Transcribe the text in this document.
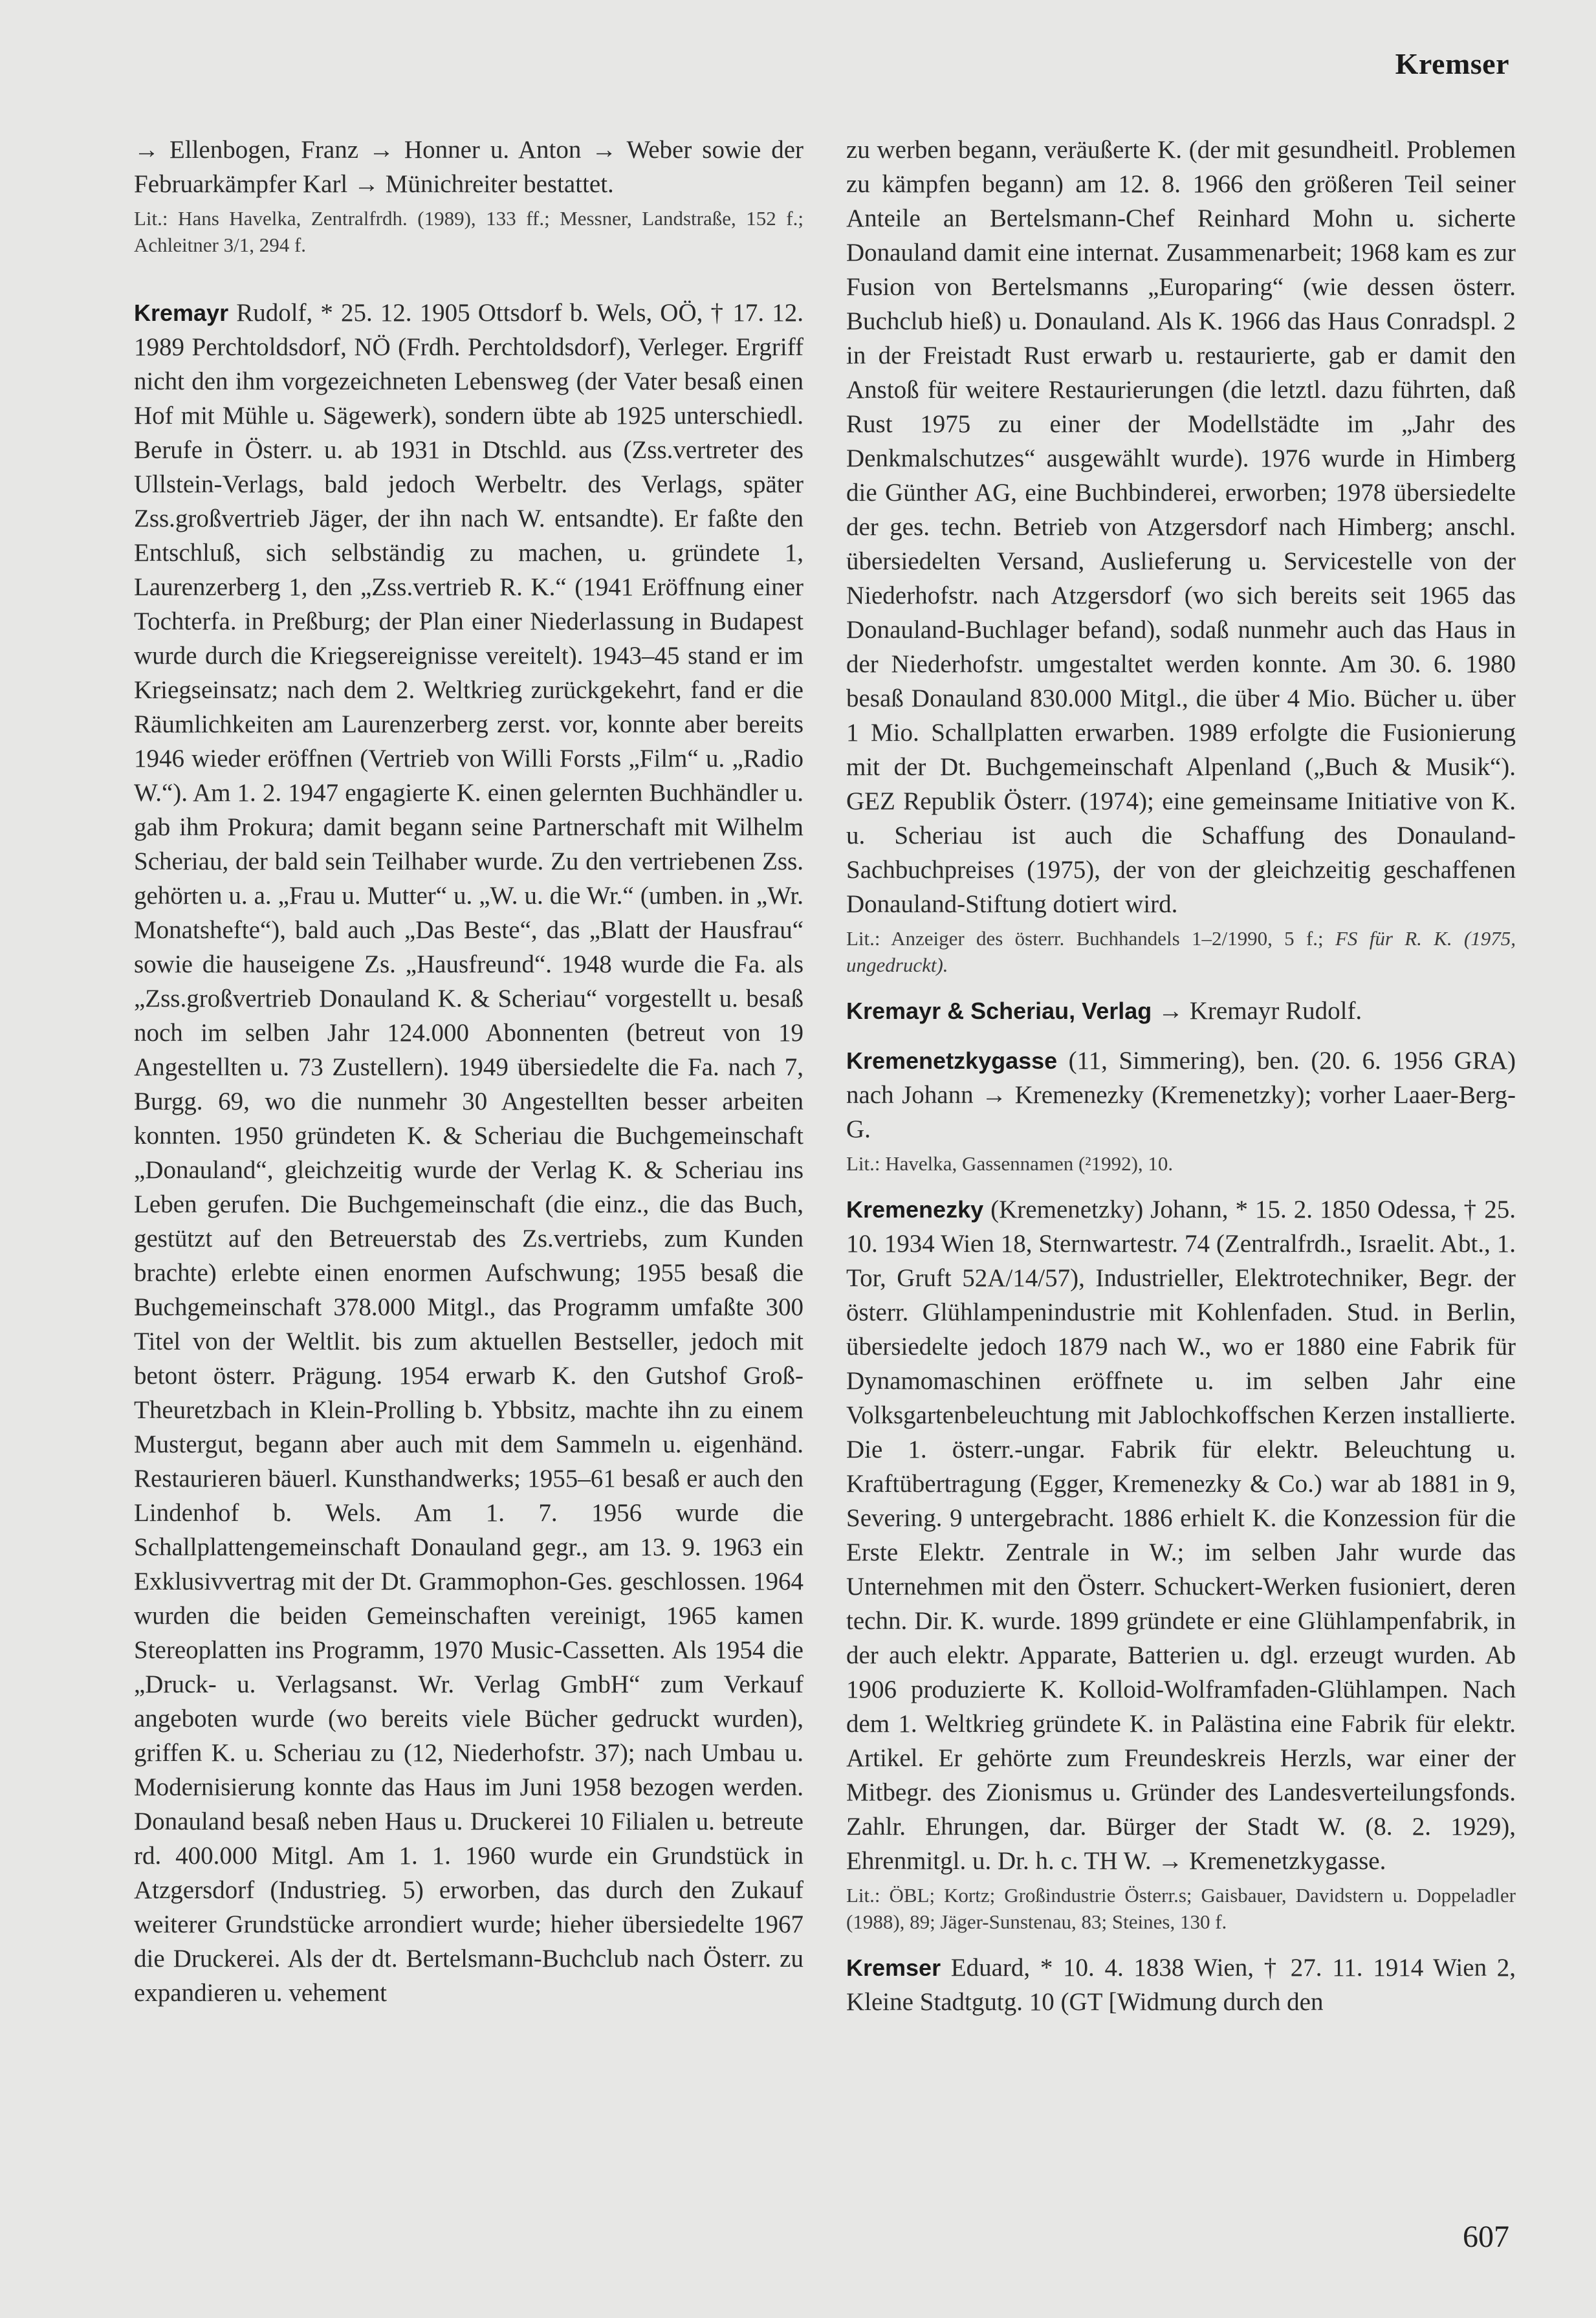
Kremser

→ Ellenbogen, Franz → Honner u. Anton → Weber sowie der Februarkämpfer Karl → Münichreiter bestattet.

Lit.: Hans Havelka, Zentralfrdh. (1989), 133 ff.; Messner, Landstraße, 152 f.; Achleitner 3/1, 294 f.

Kremayr Rudolf, * 25. 12. 1905 Ottsdorf b. Wels, OÖ, † 17. 12. 1989 Perchtoldsdorf, NÖ (Frdh. Perchtoldsdorf), Verleger. Ergriff nicht den ihm vorgezeichneten Lebensweg (der Vater besaß einen Hof mit Mühle u. Sägewerk), sondern übte ab 1925 unterschiedl. Berufe in Österr. u. ab 1931 in Dtschld. aus (Zss.vertreter des Ullstein-Verlags, bald jedoch Werbeltr. des Verlags, später Zss.großvertrieb Jäger, der ihn nach W. entsandte). Er faßte den Entschluß, sich selbständig zu machen, u. gründete 1, Laurenzerberg 1, den „Zss.vertrieb R. K.“ (1941 Eröffnung einer Tochterfa. in Preßburg; der Plan einer Niederlassung in Budapest wurde durch die Kriegsereignisse vereitelt). 1943–45 stand er im Kriegseinsatz; nach dem 2. Weltkrieg zurückgekehrt, fand er die Räumlichkeiten am Laurenzerberg zerst. vor, konnte aber bereits 1946 wieder eröffnen (Vertrieb von Willi Forsts „Film“ u. „Radio W.“). Am 1. 2. 1947 engagierte K. einen gelernten Buchhändler u. gab ihm Prokura; damit begann seine Partnerschaft mit Wilhelm Scheriau, der bald sein Teilhaber wurde. Zu den vertriebenen Zss. gehörten u. a. „Frau u. Mutter“ u. „W. u. die Wr.“ (umben. in „Wr. Monatshefte“), bald auch „Das Beste“, das „Blatt der Hausfrau“ sowie die hauseigene Zs. „Hausfreund“. 1948 wurde die Fa. als „Zss.großvertrieb Donauland K. & Scheriau“ vorgestellt u. besaß noch im selben Jahr 124.000 Abonnenten (betreut von 19 Angestellten u. 73 Zustellern). 1949 übersiedelte die Fa. nach 7, Burgg. 69, wo die nunmehr 30 Angestellten besser arbeiten konnten. 1950 gründeten K. & Scheriau die Buchgemeinschaft „Donauland“, gleichzeitig wurde der Verlag K. & Scheriau ins Leben gerufen. Die Buchgemeinschaft (die einz., die das Buch, gestützt auf den Betreuerstab des Zs.vertriebs, zum Kunden brachte) erlebte einen enormen Aufschwung; 1955 besaß die Buchgemeinschaft 378.000 Mitgl., das Programm umfaßte 300 Titel von der Weltlit. bis zum aktuellen Bestseller, jedoch mit betont österr. Prägung. 1954 erwarb K. den Gutshof Groß-Theuretzbach in Klein-Prolling b. Ybbsitz, machte ihn zu einem Mustergut, begann aber auch mit dem Sammeln u. eigenhänd. Restaurieren bäuerl. Kunsthandwerks; 1955–61 besaß er auch den Lindenhof b. Wels. Am 1. 7. 1956 wurde die Schallplattengemeinschaft Donauland gegr., am 13. 9. 1963 ein Exklusivvertrag mit der Dt. Grammophon-Ges. geschlossen. 1964 wurden die beiden Gemeinschaften vereinigt, 1965 kamen Stereoplatten ins Programm, 1970 Music-Cassetten. Als 1954 die „Druck- u. Verlagsanst. Wr. Verlag GmbH“ zum Verkauf angeboten wurde (wo bereits viele Bücher gedruckt wurden), griffen K. u. Scheriau zu (12, Niederhofstr. 37); nach Umbau u. Modernisierung konnte das Haus im Juni 1958 bezogen werden. Donauland besaß neben Haus u. Druckerei 10 Filialen u. betreute rd. 400.000 Mitgl. Am 1. 1. 1960 wurde ein Grundstück in Atzgersdorf (Industrieg. 5) erworben, das durch den Zukauf weiterer Grundstücke arrondiert wurde; hieher übersiedelte 1967 die Druckerei. Als der dt. Bertelsmann-Buchclub nach Österr. zu expandieren u. vehement

zu werben begann, veräußerte K. (der mit gesundheitl. Problemen zu kämpfen begann) am 12. 8. 1966 den größeren Teil seiner Anteile an Bertelsmann-Chef Reinhard Mohn u. sicherte Donauland damit eine internat. Zusammenarbeit; 1968 kam es zur Fusion von Bertelsmanns „Europaring“ (wie dessen österr. Buchclub hieß) u. Donauland. Als K. 1966 das Haus Conradspl. 2 in der Freistadt Rust erwarb u. restaurierte, gab er damit den Anstoß für weitere Restaurierungen (die letztl. dazu führten, daß Rust 1975 zu einer der Modellstädte im „Jahr des Denkmalschutzes“ ausgewählt wurde). 1976 wurde in Himberg die Günther AG, eine Buchbinderei, erworben; 1978 übersiedelte der ges. techn. Betrieb von Atzgersdorf nach Himberg; anschl. übersiedelten Versand, Auslieferung u. Servicestelle von der Niederhofstr. nach Atzgersdorf (wo sich bereits seit 1965 das Donauland-Buchlager befand), sodaß nunmehr auch das Haus in der Niederhofstr. umgestaltet werden konnte. Am 30. 6. 1980 besaß Donauland 830.000 Mitgl., die über 4 Mio. Bücher u. über 1 Mio. Schallplatten erwarben. 1989 erfolgte die Fusionierung mit der Dt. Buchgemeinschaft Alpenland („Buch & Musik“). GEZ Republik Österr. (1974); eine gemeinsame Initiative von K. u. Scheriau ist auch die Schaffung des Donauland-Sachbuchpreises (1975), der von der gleichzeitig geschaffenen Donauland-Stiftung dotiert wird.

Lit.: Anzeiger des österr. Buchhandels 1–2/1990, 5 f.; FS für R. K. (1975, ungedruckt).

Kremayr & Scheriau, Verlag → Kremayr Rudolf.

Kremenetzkygasse (11, Simmering), ben. (20. 6. 1956 GRA) nach Johann → Kremenezky (Kremenetzky); vorher Laaer-Berg-G.

Lit.: Havelka, Gassennamen (²1992), 10.

Kremenezky (Kremenetzky) Johann, * 15. 2. 1850 Odessa, † 25. 10. 1934 Wien 18, Sternwartestr. 74 (Zentralfrdh., Israelit. Abt., 1. Tor, Gruft 52A/14/57), Industrieller, Elektrotechniker, Begr. der österr. Glühlampenindustrie mit Kohlenfaden. Stud. in Berlin, übersiedelte jedoch 1879 nach W., wo er 1880 eine Fabrik für Dynamomaschinen eröffnete u. im selben Jahr eine Volksgartenbeleuchtung mit Jablochkoffschen Kerzen installierte. Die 1. österr.-ungar. Fabrik für elektr. Beleuchtung u. Kraftübertragung (Egger, Kremenezky & Co.) war ab 1881 in 9, Severing. 9 untergebracht. 1886 erhielt K. die Konzession für die Erste Elektr. Zentrale in W.; im selben Jahr wurde das Unternehmen mit den Österr. Schuckert-Werken fusioniert, deren techn. Dir. K. wurde. 1899 gründete er eine Glühlampenfabrik, in der auch elektr. Apparate, Batterien u. dgl. erzeugt wurden. Ab 1906 produzierte K. Kolloid-Wolframfaden-Glühlampen. Nach dem 1. Weltkrieg gründete K. in Palästina eine Fabrik für elektr. Artikel. Er gehörte zum Freundeskreis Herzls, war einer der Mitbegr. des Zionismus u. Gründer des Landesverteilungsfonds. Zahlr. Ehrungen, dar. Bürger der Stadt W. (8. 2. 1929), Ehrenmitgl. u. Dr. h. c. TH W. → Kremenetzkygasse.

Lit.: ÖBL; Kortz; Großindustrie Österr.s; Gaisbauer, Davidstern u. Doppeladler (1988), 89; Jäger-Sunstenau, 83; Steines, 130 f.

Kremser Eduard, * 10. 4. 1838 Wien, † 27. 11. 1914 Wien 2, Kleine Stadtgutg. 10 (GT [Widmung durch den

607
